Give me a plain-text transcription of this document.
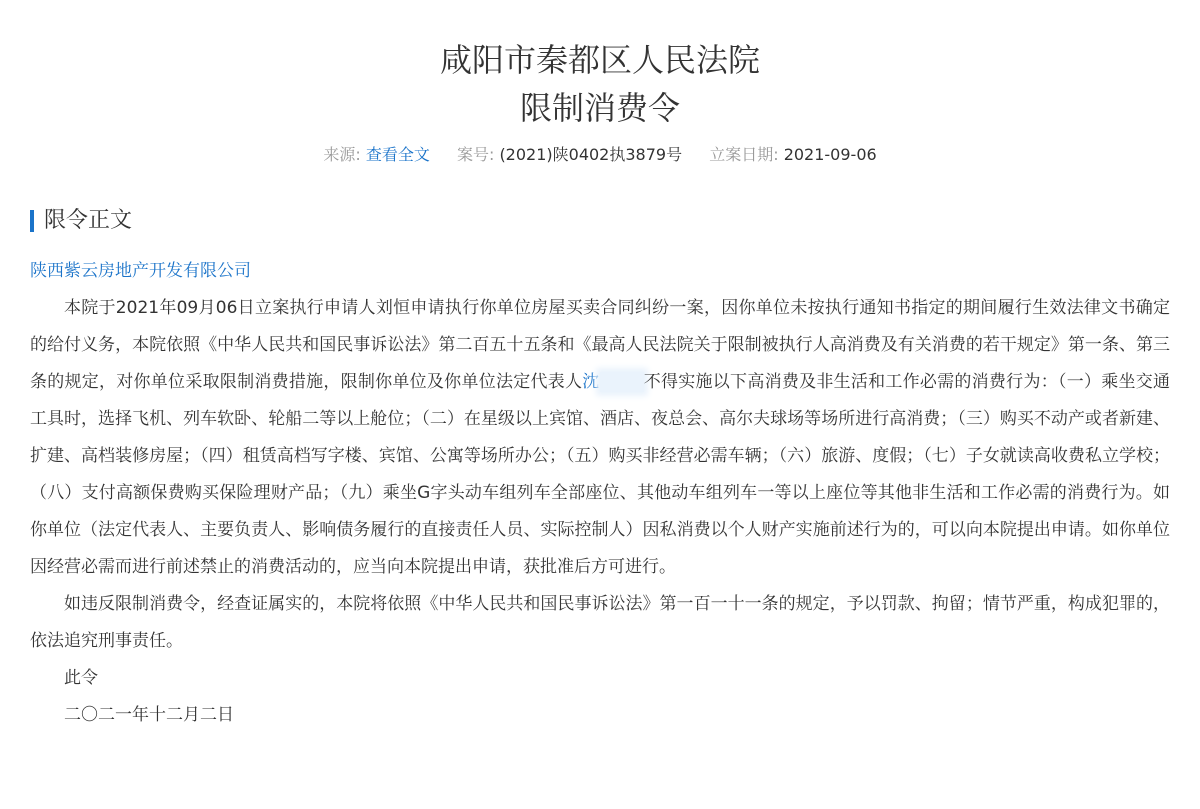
咸阳市秦都区人民法院
限制消费令
来源: 查看全文 案号: (2021)陕0402执3879号 立案日期: 2021-09-06
限令正文
陕西紫云房地产开发有限公司

本院于2021年09月06日立案执行申请人刘恒申请执行你单位房屋买卖合同纠纷一案，因你单位未按执行通知书指定的期间履行生效法律文书确定的给付义务，本院依照《中华人民共和国民事诉讼法》第二百五十五条和《最高人民法院关于限制被执行人高消费及有关消费的若干规定》第一条、第三条的规定，对你单位采取限制消费措施，限制你单位及你单位法定代表人沈	不得实施以下高消费及非生活和工作必需的消费行为：（一）乘坐交通工具时，选择飞机、列车软卧、轮船二等以上舱位；（二）在星级以上宾馆、酒店、夜总会、高尔夫球场等场所进行高消费；（三）购买不动产或者新建、扩建、高档装修房屋；（四）租赁高档写字楼、宾馆、公寓等场所办公；（五）购买非经营必需车辆；（六）旅游、度假；（七）子女就读高收费私立学校；（八）支付高额保费购买保险理财产品；（九）乘坐G字头动车组列车全部座位、其他动车组列车一等以上座位等其他非生活和工作必需的消费行为。如你单位（法定代表人、主要负责人、影响债务履行的直接责任人员、实际控制人）因私消费以个人财产实施前述行为的，可以向本院提出申请。如你单位因经营必需而进行前述禁止的消费活动的，应当向本院提出申请，获批准后方可进行。

如违反限制消费令，经查证属实的，本院将依照《中华人民共和国民事诉讼法》第一百一十一条的规定，予以罚款、拘留；情节严重，构成犯罪的，依法追究刑事责任。

此令

二〇二一年十二月二日
